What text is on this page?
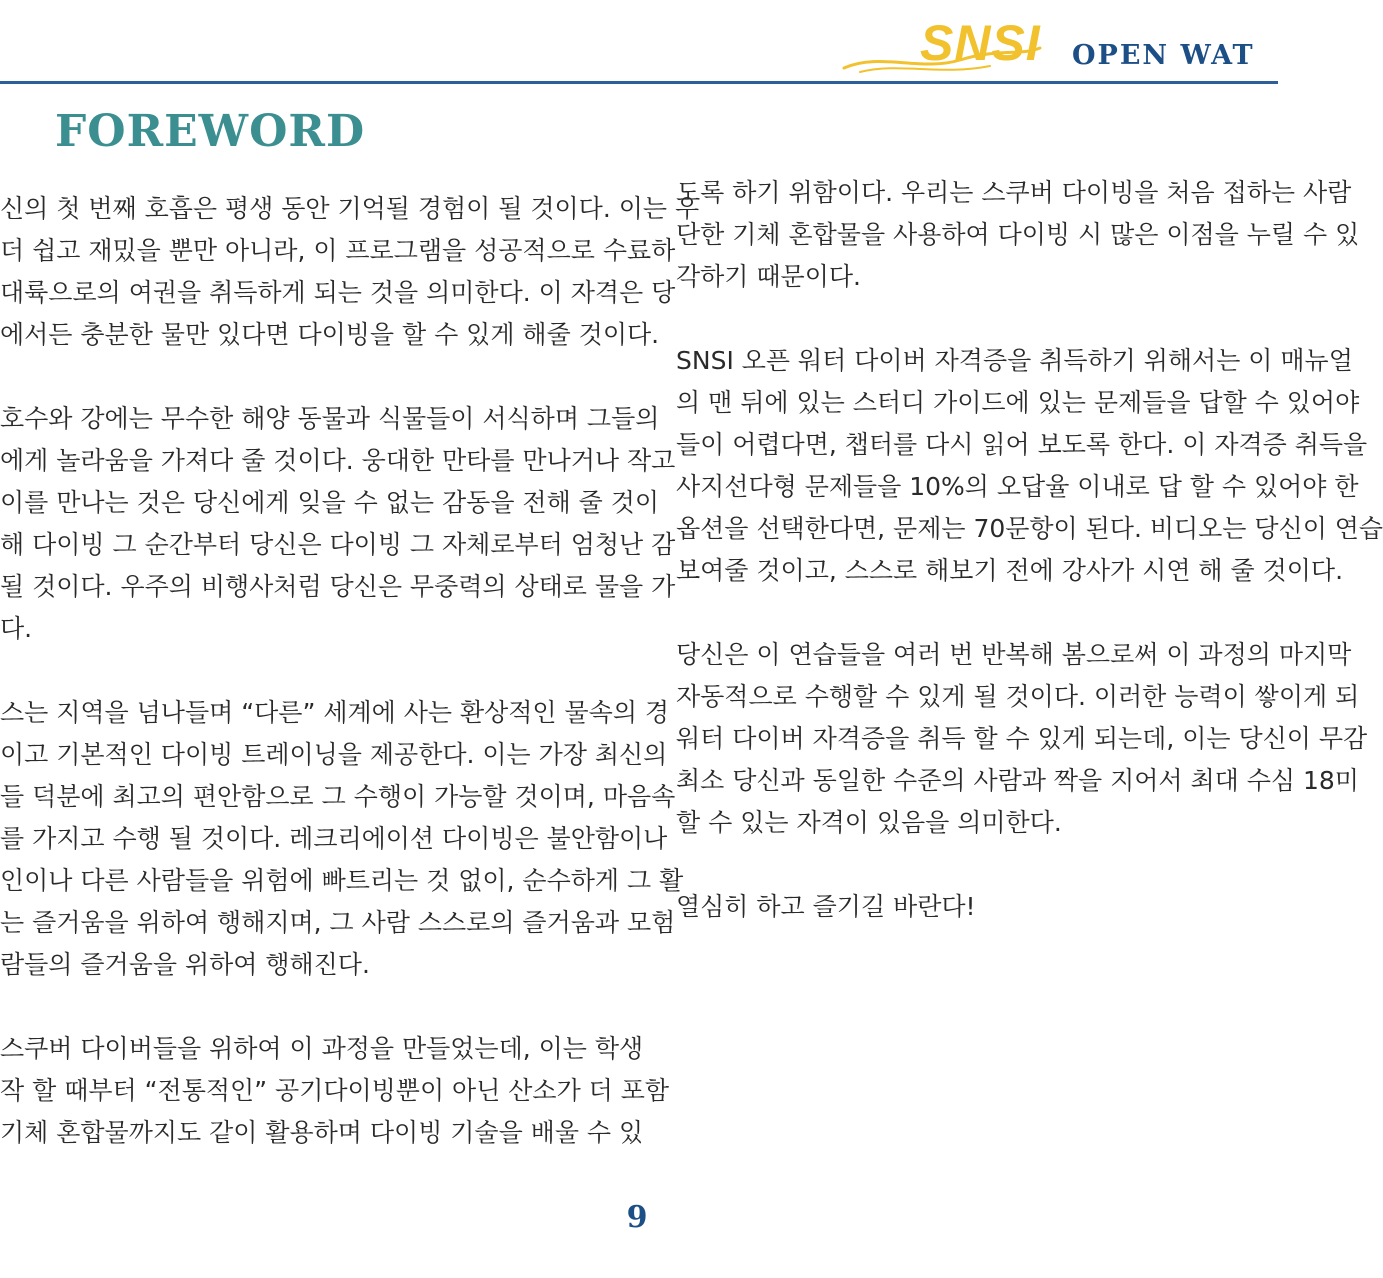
SNSI OPEN WAT
FOREWORD
신의 첫 번째 호흡은 평생 동안 기억될 경험이 될 것이다. 이는 우
더 쉽고 재밌을 뿐만 아니라, 이 프로그램을 성공적으로 수료하
대륙으로의 여권을 취득하게 되는 것을 의미한다. 이 자격은 당
에서든 충분한 물만 있다면 다이빙을 할 수 있게 해줄 것이다.
호수와 강에는 무수한 해양 동물과 식물들이 서식하며 그들의
에게 놀라움을 가져다 줄 것이다. 웅대한 만타를 만나거나 작고
이를 만나는 것은 당신에게 잊을 수 없는 감동을 전해 줄 것이
해 다이빙 그 순간부터 당신은 다이빙 그 자체로부터 엄청난 감
될 것이다. 우주의 비행사처럼 당신은 무중력의 상태로 물을 가
다.
스는 지역을 넘나들며 “다른” 세계에 사는 환상적인 물속의 경
이고 기본적인 다이빙 트레이닝을 제공한다. 이는 가장 최신의
들 덕분에 최고의 편안함으로 그 수행이 가능할 것이며, 마음속
를 가지고 수행 될 것이다. 레크리에이션 다이빙은 불안함이나
인이나 다른 사람들을 위험에 빠트리는 것 없이, 순수하게 그 활
는 즐거움을 위하여 행해지며, 그 사람 스스로의 즐거움과 모험
람들의 즐거움을 위하여 행해진다.
스쿠버 다이버들을 위하여 이 과정을 만들었는데, 이는 학생
작 할 때부터 “전통적인” 공기다이빙뿐이 아닌 산소가 더 포함
기체 혼합물까지도 같이 활용하며 다이빙 기술을 배울 수 있
도록 하기 위함이다. 우리는 스쿠버 다이빙을 처음 접하는 사람
단한 기체 혼합물을 사용하여 다이빙 시 많은 이점을 누릴 수 있
각하기 때문이다.
SNSI 오픈 워터 다이버 자격증을 취득하기 위해서는 이 매뉴얼
의 맨 뒤에 있는 스터디 가이드에 있는 문제들을 답할 수 있어야
들이 어렵다면, 챕터를 다시 읽어 보도록 한다. 이 자격증 취득을
사지선다형 문제들을 10%의 오답율 이내로 답 할 수 있어야 한
옵션을 선택한다면, 문제는 70문항이 된다. 비디오는 당신이 연습
보여줄 것이고, 스스로 해보기 전에 강사가 시연 해 줄 것이다.
당신은 이 연습들을 여러 번 반복해 봄으로써 이 과정의 마지막
자동적으로 수행할 수 있게 될 것이다. 이러한 능력이 쌓이게 되
워터 다이버 자격증을 취득 할 수 있게 되는데, 이는 당신이 무감
최소 당신과 동일한 수준의 사람과 짝을 지어서 최대 수심 18미
할 수 있는 자격이 있음을 의미한다.
열심히 하고 즐기길 바란다!
9
